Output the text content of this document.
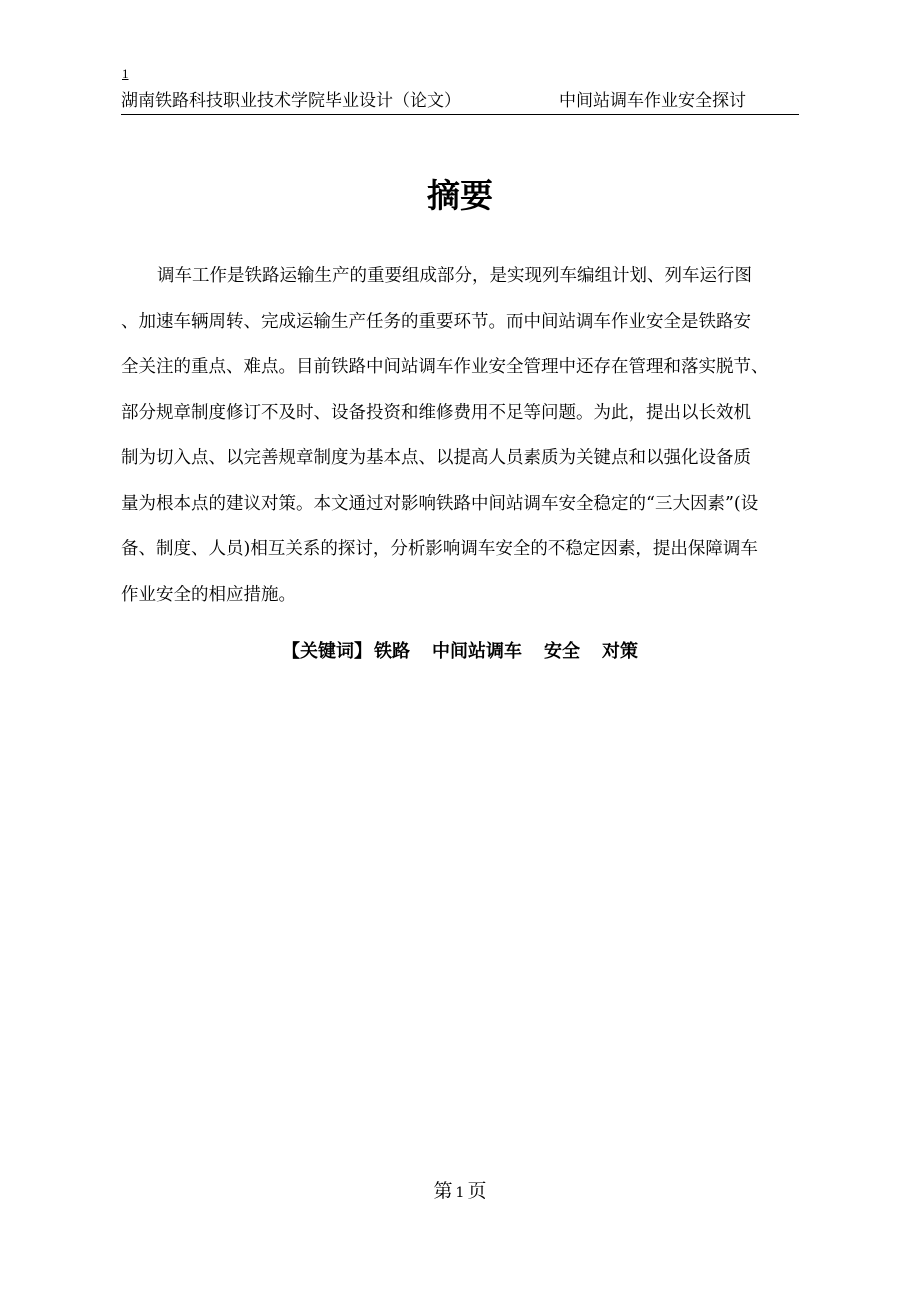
1
湖南铁路科技职业技术学院毕业设计（论文）	中间站调车作业安全探讨
摘要
调车工作是铁路运输生产的重要组成部分，是实现列车编组计划、列车运行图
、加速车辆周转、完成运输生产任务的重要环节。而中间站调车作业安全是铁路安
全关注的重点、难点。目前铁路中间站调车作业安全管理中还存在管理和落实脱节、
部分规章制度修订不及时、设备投资和维修费用不足等问题。为此，提出以长效机
制为切入点、以完善规章制度为基本点、以提高人员素质为关键点和以强化设备质
量为根本点的建议对策。本文通过对影响铁路中间站调车安全稳定的“三大因素”(设
备、制度、人员)相互关系的探讨，分析影响调车安全的不稳定因素，提出保障调车
作业安全的相应措施。
【关键词】 铁路 中间站调车 安全 对策
第 1 页
